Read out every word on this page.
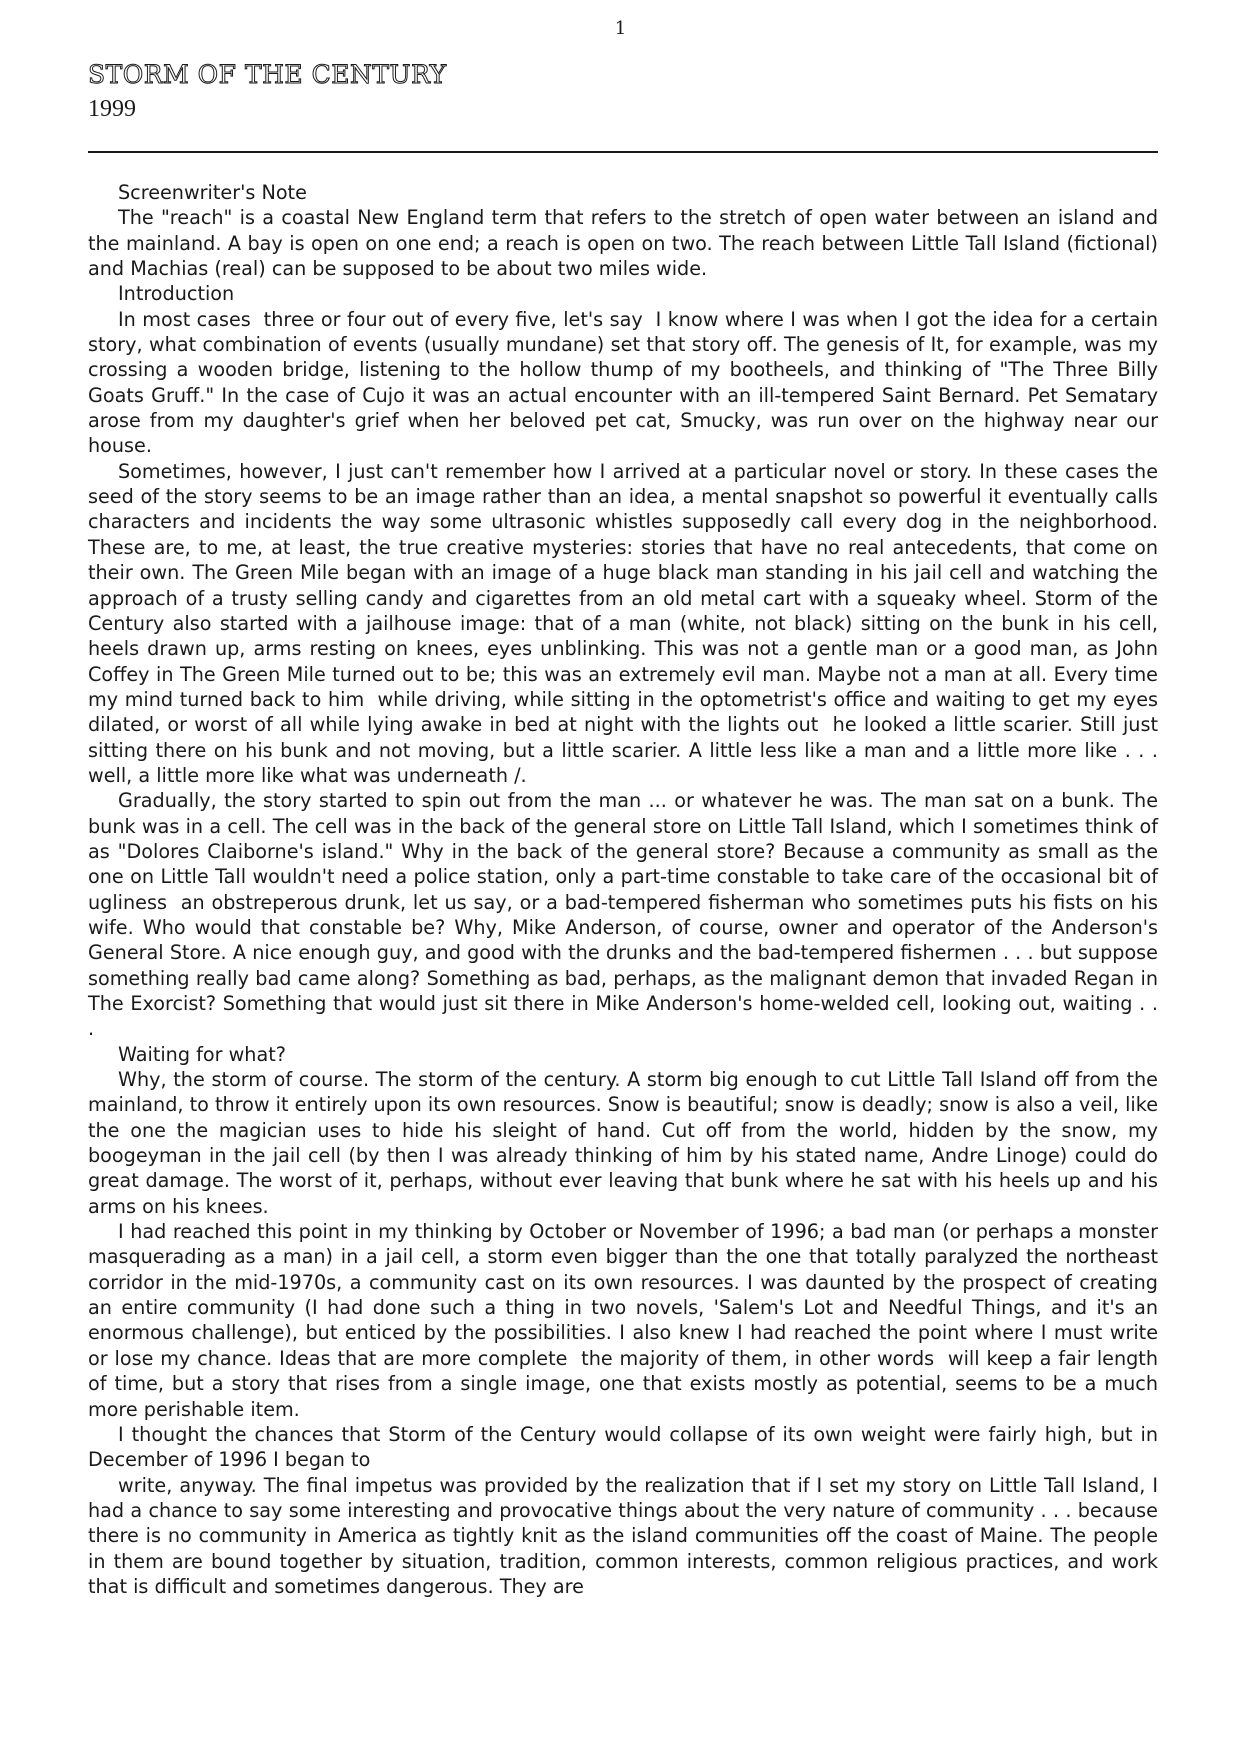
1
STORM OF THE CENTURY
1999

Screenwriter's Note

The "reach" is a coastal New England term that refers to the stretch of open water between an island and the mainland. A bay is open on one end; a reach is open on two. The reach between Little Tall Island (fictional) and Machias (real) can be supposed to be about two miles wide.

Introduction

In most cases  three or four out of every five, let's say  I know where I was when I got the idea for a certain story, what combination of events (usually mundane) set that story off. The genesis of It, for example, was my crossing a wooden bridge, listening to the hollow thump of my bootheels, and thinking of "The Three Billy Goats Gruff." In the case of Cujo it was an actual encounter with an ill-tempered Saint Bernard. Pet Sematary arose from my daughter's grief when her beloved pet cat, Smucky, was run over on the highway near our house.

Sometimes, however, I just can't remember how I arrived at a particular novel or story. In these cases the seed of the story seems to be an image rather than an idea, a mental snapshot so powerful it eventually calls characters and incidents the way some ultrasonic whistles supposedly call every dog in the neighborhood. These are, to me, at least, the true creative mysteries: stories that have no real antecedents, that come on their own. The Green Mile began with an image of a huge black man standing in his jail cell and watching the approach of a trusty selling candy and cigarettes from an old metal cart with a squeaky wheel. Storm of the Century also started with a jailhouse image: that of a man (white, not black) sitting on the bunk in his cell, heels drawn up, arms resting on knees, eyes unblinking. This was not a gentle man or a good man, as John Coffey in The Green Mile turned out to be; this was an extremely evil man. Maybe not a man at all. Every time my mind turned back to him  while driving, while sitting in the optometrist's office and waiting to get my eyes dilated, or worst of all while lying awake in bed at night with the lights out  he looked a little scarier. Still just sitting there on his bunk and not moving, but a little scarier. A little less like a man and a little more like . . . well, a little more like what was underneath /.

Gradually, the story started to spin out from the man ... or whatever he was. The man sat on a bunk. The bunk was in a cell. The cell was in the back of the general store on Little Tall Island, which I sometimes think of as "Dolores Claiborne's island." Why in the back of the general store? Because a community as small as the one on Little Tall wouldn't need a police station, only a part-time constable to take care of the occasional bit of ugliness  an obstreperous drunk, let us say, or a bad-tempered fisherman who sometimes puts his fists on his wife. Who would that constable be? Why, Mike Anderson, of course, owner and operator of the Anderson's General Store. A nice enough guy, and good with the drunks and the bad-tempered fishermen . . . but suppose something really bad came along? Something as bad, perhaps, as the malignant demon that invaded Regan in The Exorcist? Something that would just sit there in Mike Anderson's home-welded cell, looking out, waiting . . .

Waiting for what?

Why, the storm of course. The storm of the century. A storm big enough to cut Little Tall Island off from the mainland, to throw it entirely upon its own resources. Snow is beautiful; snow is deadly; snow is also a veil, like the one the magician uses to hide his sleight of hand. Cut off from the world, hidden by the snow, my boogeyman in the jail cell (by then I was already thinking of him by his stated name, Andre Linoge) could do great damage. The worst of it, perhaps, without ever leaving that bunk where he sat with his heels up and his arms on his knees.

I had reached this point in my thinking by October or November of 1996; a bad man (or perhaps a monster masquerading as a man) in a jail cell, a storm even bigger than the one that totally paralyzed the northeast corridor in the mid-1970s, a community cast on its own resources. I was daunted by the prospect of creating an entire community (I had done such a thing in two novels, 'Salem's Lot and Needful Things, and it's an enormous challenge), but enticed by the possibilities. I also knew I had reached the point where I must write or lose my chance. Ideas that are more complete  the majority of them, in other words  will keep a fair length of time, but a story that rises from a single image, one that exists mostly as potential, seems to be a much more perishable item.

I thought the chances that Storm of the Century would collapse of its own weight were fairly high, but in December of 1996 I began to

write, anyway. The final impetus was provided by the realization that if I set my story on Little Tall Island, I had a chance to say some interesting and provocative things about the very nature of community . . . because there is no community in America as tightly knit as the island communities off the coast of Maine. The people in them are bound together by situation, tradition, common interests, common religious practices, and work that is difficult and sometimes dangerous. They are
